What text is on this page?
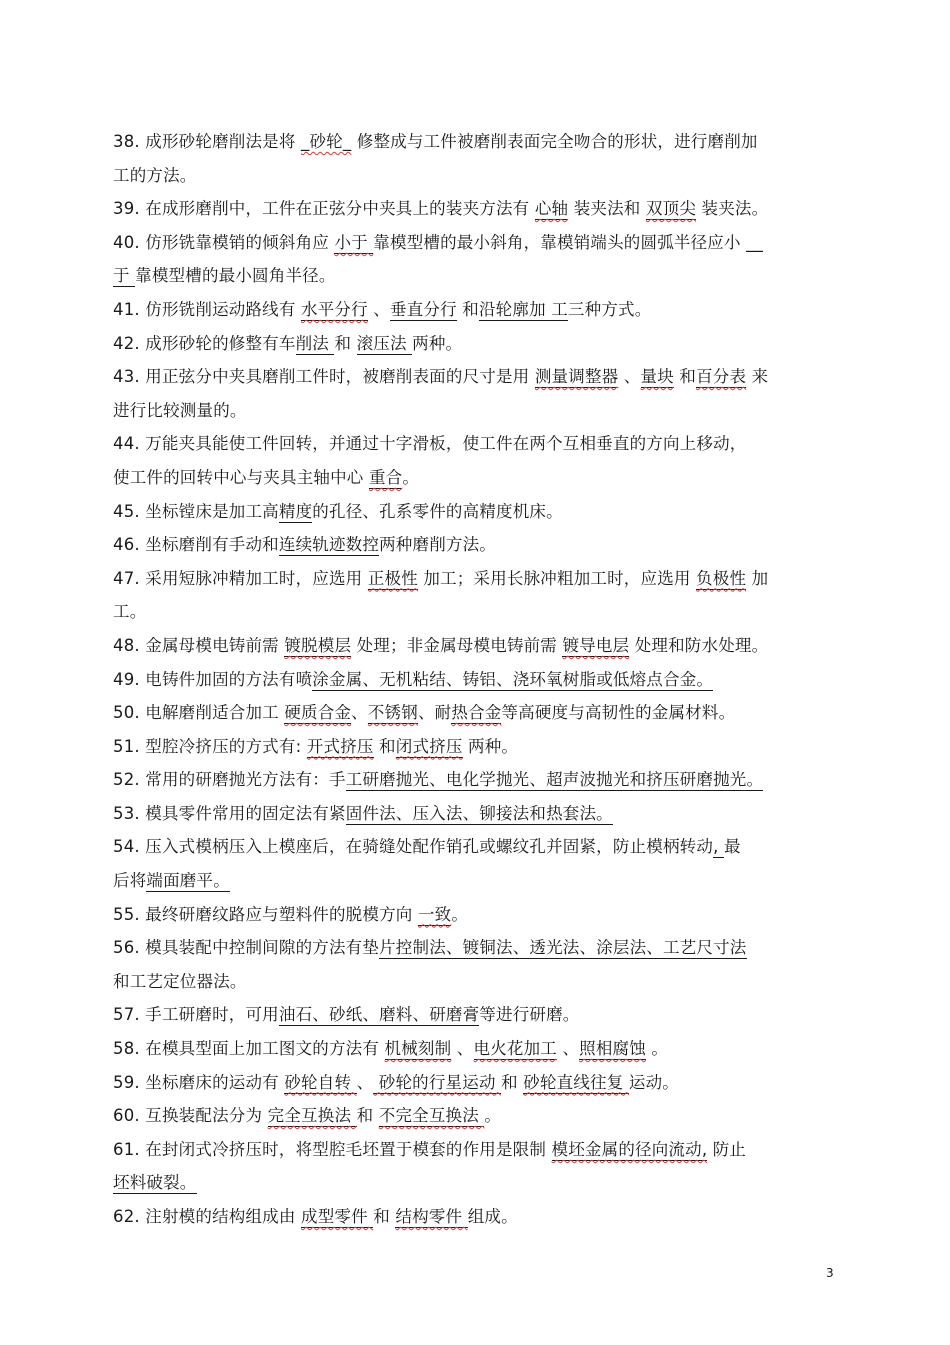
38. 成形砂轮磨削法是将 _砂轮_ 修整成与工件被磨削表面完全吻合的形状，进行磨削加
工的方法。
39. 在成形磨削中，工件在正弦分中夹具上的装夹方法有 心轴 装夹法和 双顶尖 装夹法。
40. 仿形铣靠模销的倾斜角应 小于 靠模型槽的最小斜角，靠模销端头的圆弧半径应小 __
于 靠模型槽的最小圆角半径。
41. 仿形铣削运动路线有 水平分行 、垂直分行 和沿轮廓加 工三种方式。
42. 成形砂轮的修整有车削法 和 滚压法 两种。
43. 用正弦分中夹具磨削工件时，被磨削表面的尺寸是用 测量调整器 、量块 和百分表 来
进行比较测量的。
44. 万能夹具能使工件回转，并通过十字滑板，使工件在两个互相垂直的方向上移动，
使工件的回转中心与夹具主轴中心 重合。
45. 坐标镗床是加工高精度的孔径、孔系零件的高精度机床。
46. 坐标磨削有手动和连续轨迹数控两种磨削方法。
47. 采用短脉冲精加工时，应选用 正极性 加工；采用长脉冲粗加工时，应选用 负极性 加
工。
48. 金属母模电铸前需 镀脱模层 处理；非金属母模电铸前需 镀导电层 处理和防水处理。
49. 电铸件加固的方法有喷涂金属、无机粘结、铸铝、浇环氧树脂或低熔点合金。
50. 电解磨削适合加工 硬质合金、不锈钢、耐热合金等高硬度与高韧性的金属材料。
51. 型腔冷挤压的方式有: 开式挤压 和闭式挤压 两种。
52. 常用的研磨抛光方法有：手工研磨抛光、电化学抛光、超声波抛光和挤压研磨抛光。
53. 模具零件常用的固定法有紧固件法、压入法、铆接法和热套法。
54. 压入式模柄压入上模座后，在骑缝处配作销孔或螺纹孔并固紧，防止模柄转动, 最
后将端面磨平。
55. 最终研磨纹路应与塑料件的脱模方向 一致。
56. 模具装配中控制间隙的方法有垫片控制法、镀铜法、透光法、涂层法、工艺尺寸法
和工艺定位器法。
57. 手工研磨时，可用油石、砂纸、磨料、研磨膏等进行研磨。
58. 在模具型面上加工图文的方法有 机械刻制 、电火花加工 、照相腐蚀 。
59. 坐标磨床的运动有 砂轮自转 、 砂轮的行星运动 和 砂轮直线往复 运动。
60. 互换装配法分为 完全互换法 和 不完全互换法 。
61. 在封闭式冷挤压时，将型腔毛坯置于模套的作用是限制 模坯金属的径向流动, 防止
坯料破裂。
62. 注射模的结构组成由 成型零件 和 结构零件 组成。
3
